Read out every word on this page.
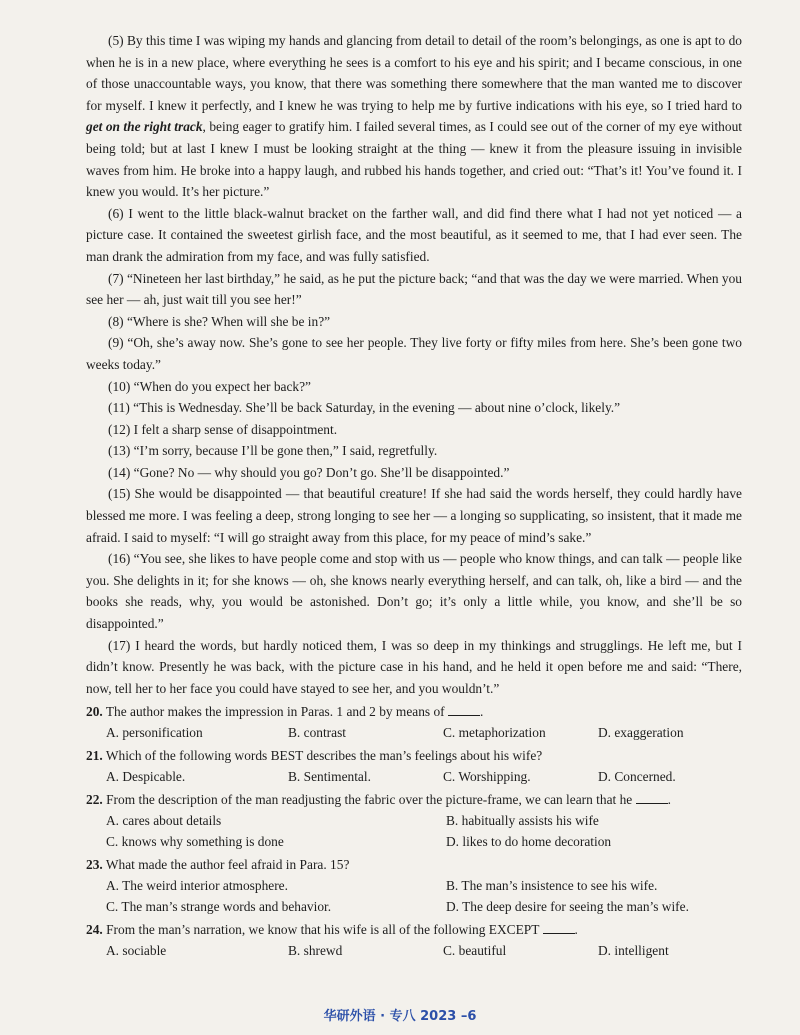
(5) By this time I was wiping my hands and glancing from detail to detail of the room’s belongings, as one is apt to do when he is in a new place, where everything he sees is a comfort to his eye and his spirit; and I became conscious, in one of those unaccountable ways, you know, that there was something there somewhere that the man wanted me to discover for myself. I knew it perfectly, and I knew he was trying to help me by furtive indications with his eye, so I tried hard to get on the right track, being eager to gratify him. I failed several times, as I could see out of the corner of my eye without being told; but at last I knew I must be looking straight at the thing — knew it from the pleasure issuing in invisible waves from him. He broke into a happy laugh, and rubbed his hands together, and cried out: “That’s it! You’ve found it. I knew you would. It’s her picture.”

(6) I went to the little black-walnut bracket on the farther wall, and did find there what I had not yet noticed — a picture case. It contained the sweetest girlish face, and the most beautiful, as it seemed to me, that I had ever seen. The man drank the admiration from my face, and was fully satisfied.

(7) “Nineteen her last birthday,” he said, as he put the picture back; “and that was the day we were married. When you see her — ah, just wait till you see her!”

(8) “Where is she? When will she be in?”

(9) “Oh, she’s away now. She’s gone to see her people. They live forty or fifty miles from here. She’s been gone two weeks today.”

(10) “When do you expect her back?”

(11) “This is Wednesday. She’ll be back Saturday, in the evening — about nine o’clock, likely.”

(12) I felt a sharp sense of disappointment.

(13) “I’m sorry, because I’ll be gone then,” I said, regretfully.

(14) “Gone? No — why should you go? Don’t go. She’ll be disappointed.”

(15) She would be disappointed — that beautiful creature! If she had said the words herself, they could hardly have blessed me more. I was feeling a deep, strong longing to see her — a longing so supplicating, so insistent, that it made me afraid. I said to myself: “I will go straight away from this place, for my peace of mind’s sake.”

(16) “You see, she likes to have people come and stop with us — people who know things, and can talk — people like you. She delights in it; for she knows — oh, she knows nearly everything herself, and can talk, oh, like a bird — and the books she reads, why, you would be astonished. Don’t go; it’s only a little while, you know, and she’ll be so disappointed.”

(17) I heard the words, but hardly noticed them, I was so deep in my thinkings and strugglings. He left me, but I didn’t know. Presently he was back, with the picture case in his hand, and he held it open before me and said: “There, now, tell her to her face you could have stayed to see her, and you wouldn’t.”

20. The author makes the impression in Paras. 1 and 2 by means of	.

A. personification	B. contrast	C. metaphorization	D. exaggeration

21. Which of the following words BEST describes the man’s feelings about his wife?

A. Despicable.	B. Sentimental.	C. Worshipping.	D. Concerned.

22. From the description of the man readjusting the fabric over the picture-frame, we can learn that he	.

A. cares about details	B. habitually assists his wife
C. knows why something is done	D. likes to do home decoration

23. What made the author feel afraid in Para. 15?

A. The weird interior atmosphere.	B. The man’s insistence to see his wife.
C. The man’s strange words and behavior.	D. The deep desire for seeing the man’s wife.

24. From the man’s narration, we know that his wife is all of the following EXCEPT	.

A. sociable	B. shrewd	C. beautiful	D. intelligent
华研外语 · 专八 2023 –6
